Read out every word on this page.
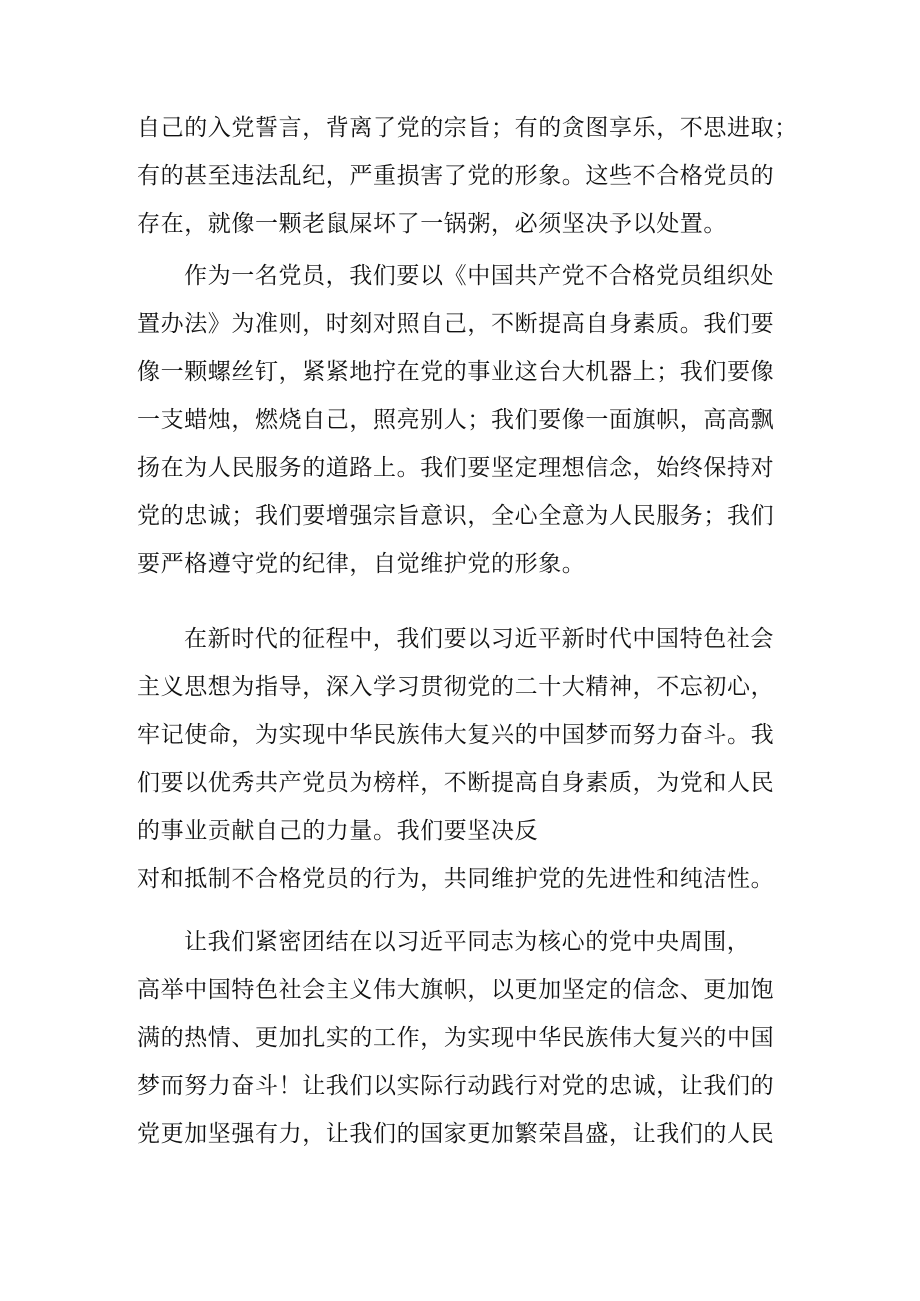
自己的入党誓言，背离了党的宗旨；有的贪图享乐，不思进取；
有的甚至违法乱纪，严重损害了党的形象。这些不合格党员的
存在，就像一颗老鼠屎坏了一锅粥，必须坚决予以处置。
作为一名党员，我们要以《中国共产党不合格党员组织处
置办法》为准则，时刻对照自己，不断提高自身素质。我们要
像一颗螺丝钉，紧紧地拧在党的事业这台大机器上；我们要像
一支蜡烛，燃烧自己，照亮别人；我们要像一面旗帜，高高飘
扬在为人民服务的道路上。我们要坚定理想信念，始终保持对
党的忠诚；我们要增强宗旨意识，全心全意为人民服务；我们
要严格遵守党的纪律，自觉维护党的形象。
在新时代的征程中，我们要以习近平新时代中国特色社会
主义思想为指导，深入学习贯彻党的二十大精神，不忘初心，
牢记使命，为实现中华民族伟大复兴的中国梦而努力奋斗。我
们要以优秀共产党员为榜样，不断提高自身素质，为党和人民
的事业贡献自己的力量。我们要坚决反
对和抵制不合格党员的行为，共同维护党的先进性和纯洁性。
让我们紧密团结在以习近平同志为核心的党中央周围，
高举中国特色社会主义伟大旗帜，以更加坚定的信念、更加饱
满的热情、更加扎实的工作，为实现中华民族伟大复兴的中国
梦而努力奋斗！让我们以实际行动践行对党的忠诚，让我们的
党更加坚强有力，让我们的国家更加繁荣昌盛，让我们的人民
